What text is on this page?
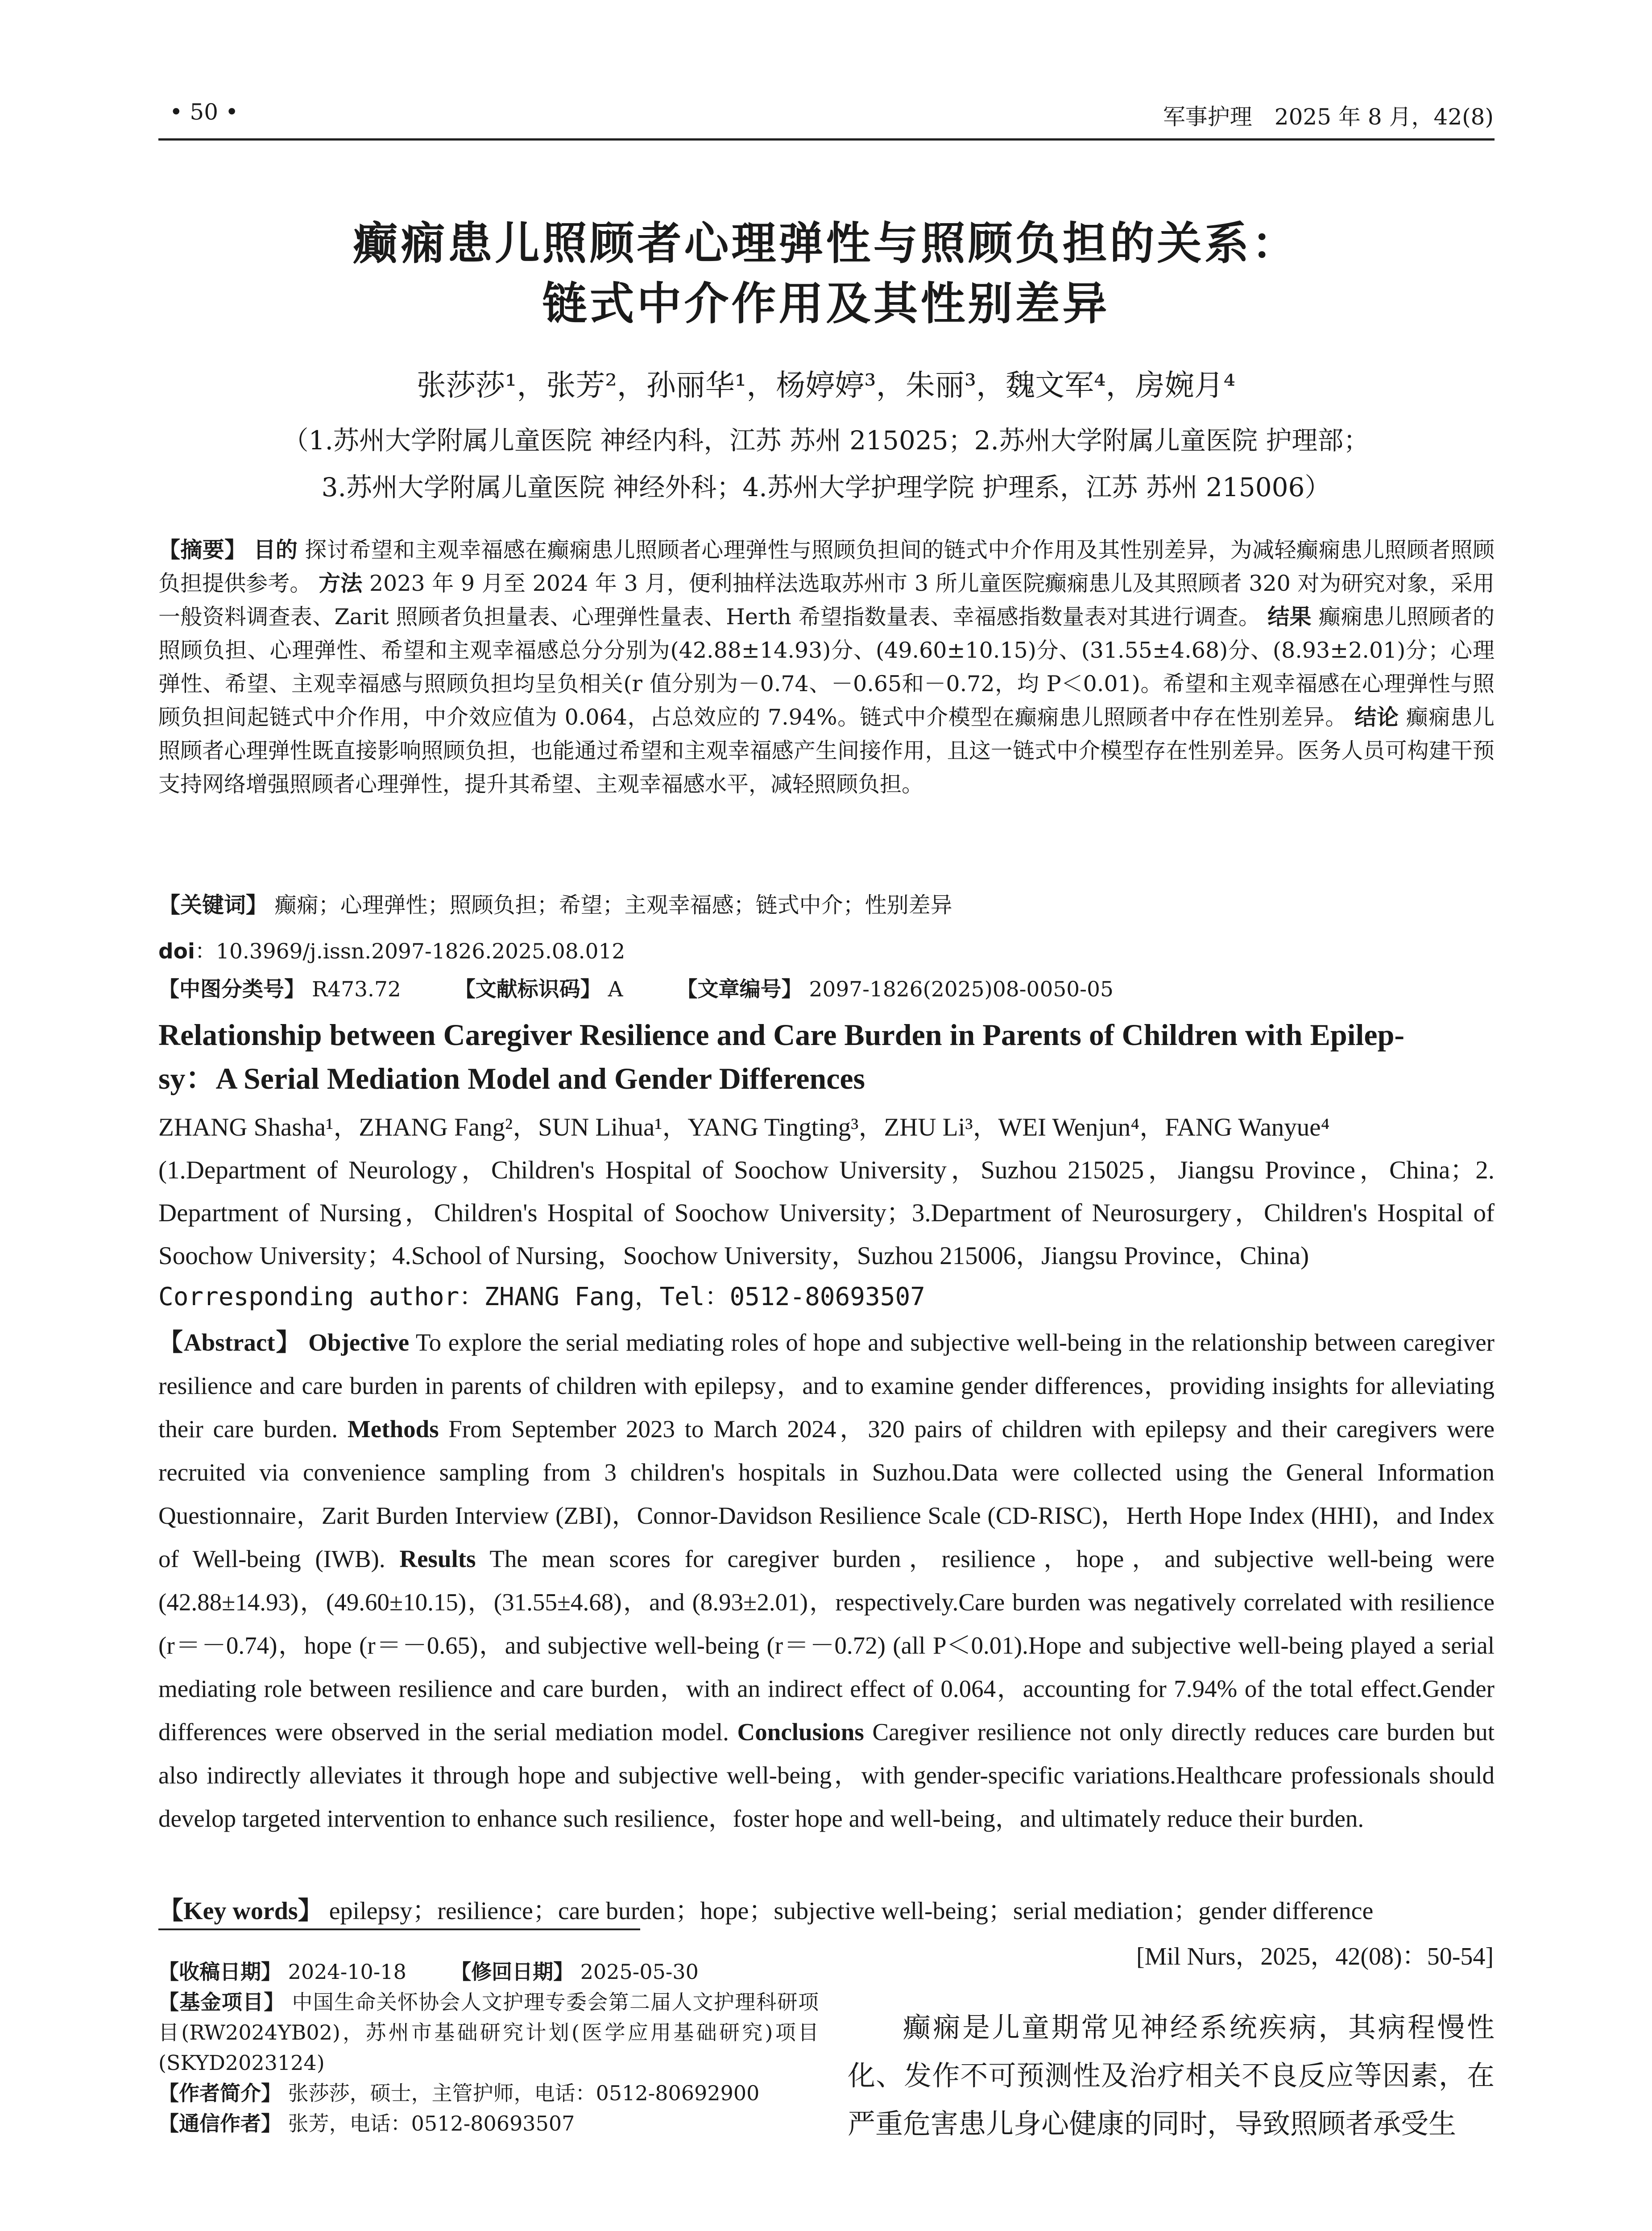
• 50 •	军事护理　2025 年 8 月，42(8)
癫痫患儿照顾者心理弹性与照顾负担的关系：
链式中介作用及其性别差异
张莎莎¹，张芳²，孙丽华¹，杨婷婷³，朱丽³，魏文军⁴，房婉月⁴
（1.苏州大学附属儿童医院 神经内科，江苏 苏州 215025；2.苏州大学附属儿童医院 护理部；
3.苏州大学附属儿童医院 神经外科；4.苏州大学护理学院 护理系，江苏 苏州 215006）
【摘要】 目的 探讨希望和主观幸福感在癫痫患儿照顾者心理弹性与照顾负担间的链式中介作用及其性别差异，为减轻癫痫患儿照顾者照顾负担提供参考。 方法 2023 年 9 月至 2024 年 3 月，便利抽样法选取苏州市 3 所儿童医院癫痫患儿及其照顾者 320 对为研究对象，采用一般资料调查表、Zarit 照顾者负担量表、心理弹性量表、Herth 希望指数量表、幸福感指数量表对其进行调查。 结果 癫痫患儿照顾者的照顾负担、心理弹性、希望和主观幸福感总分分别为(42.88±14.93)分、(49.60±10.15)分、(31.55±4.68)分、(8.93±2.01)分；心理弹性、希望、主观幸福感与照顾负担均呈负相关(r 值分别为－0.74、－0.65和－0.72，均 P＜0.01)。希望和主观幸福感在心理弹性与照顾负担间起链式中介作用，中介效应值为 0.064，占总效应的 7.94%。链式中介模型在癫痫患儿照顾者中存在性别差异。 结论 癫痫患儿照顾者心理弹性既直接影响照顾负担，也能通过希望和主观幸福感产生间接作用，且这一链式中介模型存在性别差异。医务人员可构建干预支持网络增强照顾者心理弹性，提升其希望、主观幸福感水平，减轻照顾负担。
【关键词】 癫痫；心理弹性；照顾负担；希望；主观幸福感；链式中介；性别差异
doi：10.3969/j.issn.2097-1826.2025.08.012
【中图分类号】 R473.72	【文献标识码】 A	【文章编号】 2097-1826(2025)08-0050-05
Relationship between Caregiver Resilience and Care Burden in Parents of Children with Epilep-
sy：A Serial Mediation Model and Gender Differences
ZHANG Shasha¹，ZHANG Fang²，SUN Lihua¹，YANG Tingting³，ZHU Li³，WEI Wenjun⁴，FANG Wanyue⁴
(1.Department of Neurology，Children's Hospital of Soochow University，Suzhou 215025，Jiangsu Province，China；2. Department of Nursing，Children's Hospital of Soochow University；3.Department of Neurosurgery，Children's Hospital of Soochow University；4.School of Nursing，Soochow University，Suzhou 215006，Jiangsu Province，China)
Corresponding author：ZHANG Fang，Tel：0512-80693507
【Abstract】 Objective To explore the serial mediating roles of hope and subjective well-being in the relationship between caregiver resilience and care burden in parents of children with epilepsy，and to examine gender differences，providing insights for alleviating their care burden. Methods From September 2023 to March 2024，320 pairs of children with epilepsy and their caregivers were recruited via convenience sampling from 3 children's hospitals in Suzhou.Data were collected using the General Information Questionnaire，Zarit Burden Interview (ZBI)，Connor-Davidson Resilience Scale (CD-RISC)，Herth Hope Index (HHI)，and Index of Well-being (IWB). Results The mean scores for caregiver burden，resilience，hope，and subjective well-being were (42.88±14.93)，(49.60±10.15)，(31.55±4.68)，and (8.93±2.01)，respectively.Care burden was negatively correlated with resilience (r＝－0.74)，hope (r＝－0.65)，and subjective well-being (r＝－0.72) (all P＜0.01).Hope and subjective well-being played a serial mediating role between resilience and care burden，with an indirect effect of 0.064，accounting for 7.94% of the total effect.Gender differences were observed in the serial mediation model. Conclusions Caregiver resilience not only directly reduces care burden but also indirectly alleviates it through hope and subjective well-being，with gender-specific variations.Healthcare professionals should develop targeted intervention to enhance such resilience，foster hope and well-being，and ultimately reduce their burden.
【Key words】 epilepsy；resilience；care burden；hope；subjective well-being；serial mediation；gender difference
[Mil Nurs，2025，42(08)：50-54]
【收稿日期】 2024-10-18 【修回日期】 2025-05-30
【基金项目】 中国生命关怀协会人文护理专委会第二届人文护理科研项目(RW2024YB02)，苏州市基础研究计划(医学应用基础研究)项目(SKYD2023124)
【作者简介】 张莎莎，硕士，主管护师，电话：0512-80692900
【通信作者】 张芳，电话：0512-80693507
癫痫是儿童期常见神经系统疾病，其病程慢性化、发作不可预测性及治疗相关不良反应等因素，在严重危害患儿身心健康的同时，导致照顾者承受生
